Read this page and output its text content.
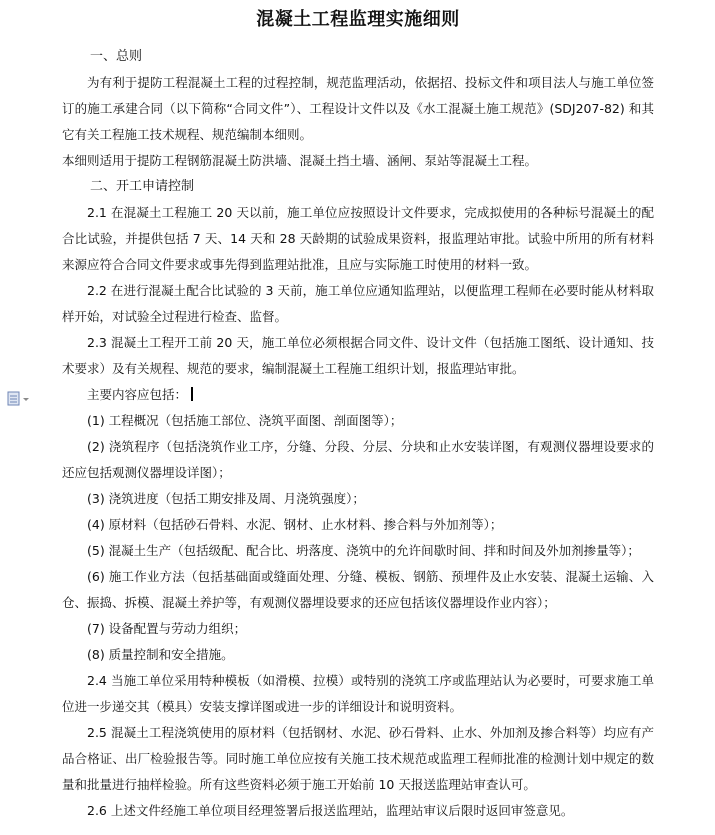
混凝土工程监理实施细则

一、总则

为有利于提防工程混凝土工程的过程控制，规范监理活动，依据招、投标文件和项目法人与施工单位签订的施工承建合同（以下简称“合同文件”）、工程设计文件以及《水工混凝土施工规范》(SDJ207-82) 和其它有关工程施工技术规程、规范编制本细则。

本细则适用于提防工程钢筋混凝土防洪墙、混凝土挡土墙、涵闸、泵站等混凝土工程。

二、开工申请控制

2.1 在混凝土工程施工 20 天以前，施工单位应按照设计文件要求，完成拟使用的各种标号混凝土的配合比试验，并提供包括 7 天、14 天和 28 天龄期的试验成果资料，报监理站审批。试验中所用的所有材料来源应符合合同文件要求或事先得到监理站批准，且应与实际施工时使用的材料一致。

2.2 在进行混凝土配合比试验的 3 天前，施工单位应通知监理站，以便监理工程师在必要时能从材料取样开始，对试验全过程进行检查、监督。

2.3 混凝土工程开工前 20 天，施工单位必须根据合同文件、设计文件（包括施工图纸、设计通知、技术要求）及有关规程、规范的要求，编制混凝土工程施工组织计划，报监理站审批。

主要内容应包括：

(1) 工程概况（包括施工部位、浇筑平面图、剖面图等）；

(2) 浇筑程序（包括浇筑作业工序，分缝、分段、分层、分块和止水安装详图，有观测仪器埋设要求的还应包括观测仪器埋设详图）；

(3) 浇筑进度（包括工期安排及周、月浇筑强度）；

(4) 原材料（包括砂石骨料、水泥、钢材、止水材料、掺合料与外加剂等）；

(5) 混凝土生产（包括级配、配合比、坍落度、浇筑中的允许间歇时间、拌和时间及外加剂掺量等）；

(6) 施工作业方法（包括基础面或缝面处理、分缝、模板、钢筋、预埋件及止水安装、混凝土运输、入仓、振捣、拆模、混凝土养护等，有观测仪器埋设要求的还应包括该仪器埋设作业内容）；

(7) 设备配置与劳动力组织；

(8) 质量控制和安全措施。

2.4 当施工单位采用特种模板（如滑模、拉模）或特别的浇筑工序或监理站认为必要时，可要求施工单位进一步递交其（模具）安装支撑详图或进一步的详细设计和说明资料。

2.5 混凝土工程浇筑使用的原材料（包括钢材、水泥、砂石骨料、止水、外加剂及掺合料等）均应有产品合格证、出厂检验报告等。同时施工单位应按有关施工技术规范或监理工程师批准的检测计划中规定的数量和批量进行抽样检验。所有这些资料必须于施工开始前 10 天报送监理站审查认可。

2.6 上述文件经施工单位项目经理签署后报送监理站，监理站审议后限时返回审签意见。
